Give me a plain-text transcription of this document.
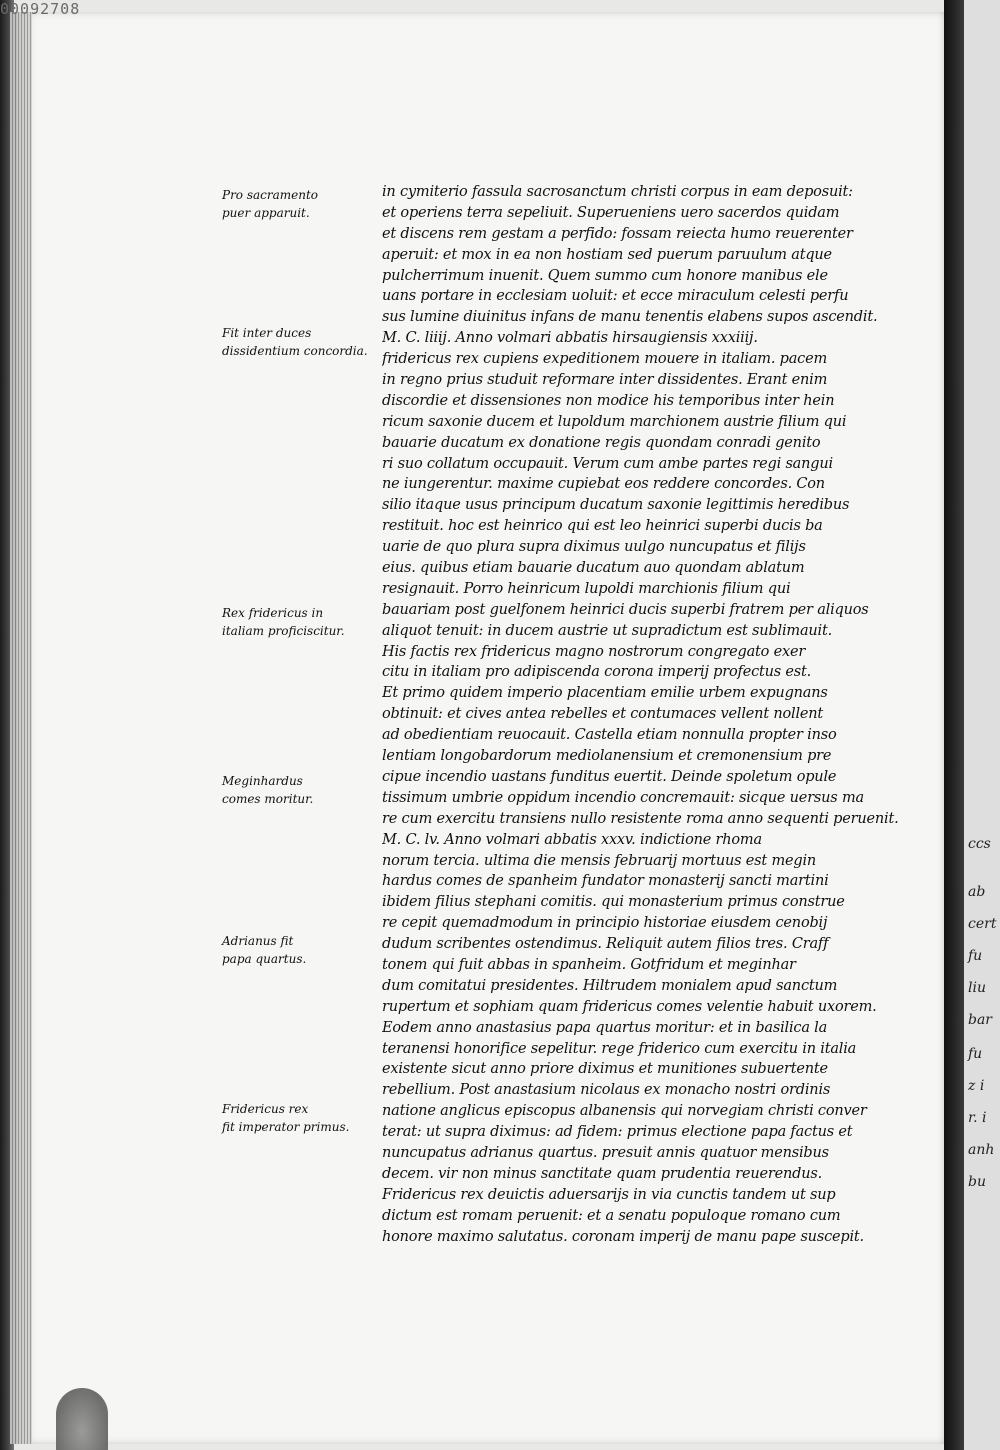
ccs
ab
cert
fu
liu
bar
fu
z i
r. i
anh
bu
00092708
Pro sacramento
puer apparuit.
Fit inter duces
dissidentium concordia.
Rex fridericus in
italiam proficiscitur.
Meginhardus
comes moritur.
Adrianus fit
papa quartus.
Fridericus rex
fit imperator primus.
in cymiterio fassula sacrosanctum christi corpus in eam deposuit:
et operiens terra sepeliuit. Superueniens uero sacerdos quidam
et discens rem gestam a perfido: fossam reiecta humo reuerenter
aperuit: et mox in ea non hostiam sed puerum paruulum atque
pulcherrimum inuenit. Quem summo cum honore manibus ele
uans portare in ecclesiam uoluit: et ecce miraculum celesti perfu
sus lumine diuinitus infans de manu tenentis elabens supos ascendit.
M. C. liiij. Anno volmari abbatis hirsaugiensis xxxiiij.
fridericus rex cupiens expeditionem mouere in italiam. pacem
in regno prius studuit reformare inter dissidentes. Erant enim
discordie et dissensiones non modice his temporibus inter hein
ricum saxonie ducem et lupoldum marchionem austrie filium qui
bauarie ducatum ex donatione regis quondam conradi genito
ri suo collatum occupauit. Verum cum ambe partes regi sangui
ne iungerentur. maxime cupiebat eos reddere concordes. Con
silio itaque usus principum ducatum saxonie legittimis heredibus
restituit. hoc est heinrico qui est leo heinrici superbi ducis ba
uarie de quo plura supra diximus uulgo nuncupatus et filijs
eius. quibus etiam bauarie ducatum auo quondam ablatum
resignauit. Porro heinricum lupoldi marchionis filium qui
bauariam post guelfonem heinrici ducis superbi fratrem per aliquos
aliquot tenuit: in ducem austrie ut supradictum est sublimauit.
His factis rex fridericus magno nostrorum congregato exer
citu in italiam pro adipiscenda corona imperij profectus est.
Et primo quidem imperio placentiam emilie urbem expugnans
obtinuit: et cives antea rebelles et contumaces vellent nollent
ad obedientiam reuocauit. Castella etiam nonnulla propter inso
lentiam longobardorum mediolanensium et cremonensium pre
cipue incendio uastans funditus euertit. Deinde spoletum opule
tissimum umbrie oppidum incendio concremauit: sicque uersus ma
re cum exercitu transiens nullo resistente roma anno sequenti peruenit.
M. C. lv. Anno volmari abbatis xxxv. indictione rhoma
norum tercia. ultima die mensis februarij mortuus est megin
hardus comes de spanheim fundator monasterij sancti martini
ibidem filius stephani comitis. qui monasterium primus construe
re cepit quemadmodum in principio historiae eiusdem cenobij
dudum scribentes ostendimus. Reliquit autem filios tres. Craff
tonem qui fuit abbas in spanheim. Gotfridum et meginhar
dum comitatui presidentes. Hiltrudem monialem apud sanctum
rupertum et sophiam quam fridericus comes velentie habuit uxorem.
Eodem anno anastasius papa quartus moritur: et in basilica la
teranensi honorifice sepelitur. rege friderico cum exercitu in italia
existente sicut anno priore diximus et munitiones subuertente
rebellium. Post anastasium nicolaus ex monacho nostri ordinis
natione anglicus episcopus albanensis qui norvegiam christi conver
terat: ut supra diximus: ad fidem: primus electione papa factus et
nuncupatus adrianus quartus. presuit annis quatuor mensibus
decem. vir non minus sanctitate quam prudentia reuerendus.
Fridericus rex deuictis aduersarijs in via cunctis tandem ut sup
dictum est romam peruenit: et a senatu populoque romano cum
honore maximo salutatus. coronam imperij de manu pape suscepit.
